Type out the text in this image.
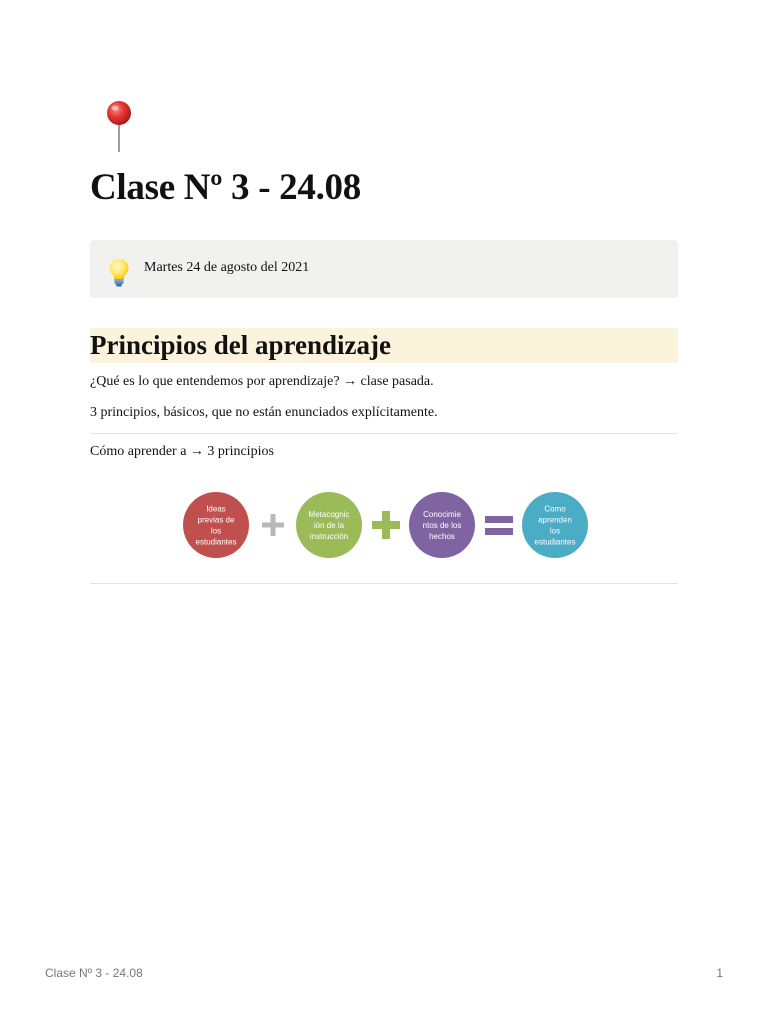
Clase Nº 3 - 24.08
Martes 24 de agosto del 2021
Principios del aprendizaje

¿Qué es lo que entendemos por aprendizaje? → clase pasada.

3 principios, básicos, que no están enunciados explícitamente.

Cómo aprender a → 3 principios

Ideas
previas de
los
estudiantes
Metacognic
ión de la
instrucción
Conocimie
ntos de los
hechos
Como
aprenden
los
estudiantes
Clase Nº 3 - 24.08	1
